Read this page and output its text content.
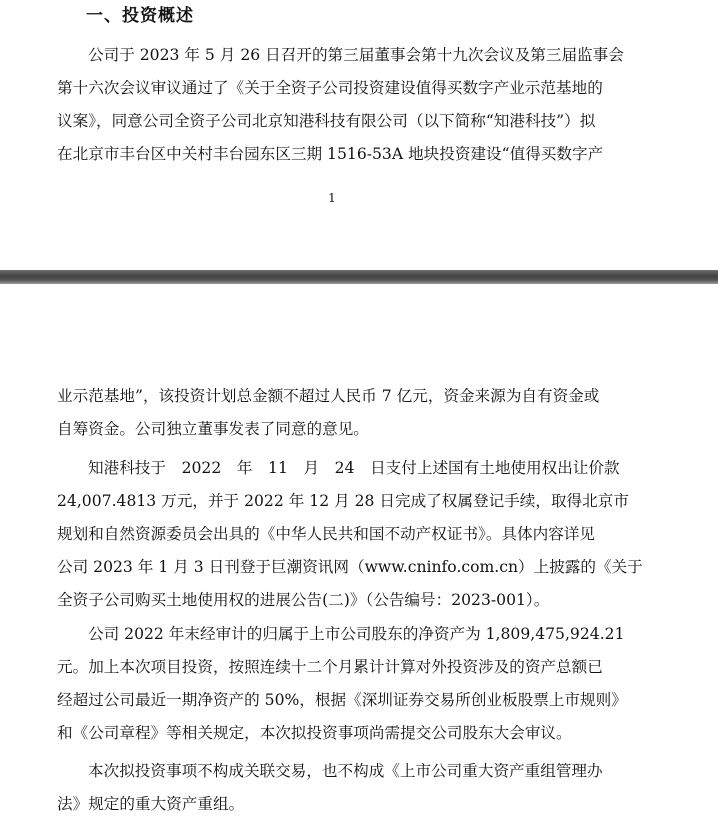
一、投资概述
公司于 2023 年 5 月 26 日召开的第三届董事会第十九次会议及第三届监事会
第十六次会议审议通过了《关于全资子公司投资建设值得买数字产业示范基地的
议案》，同意公司全资子公司北京知港科技有限公司（以下简称“知港科技”）拟
在北京市丰台区中关村丰台园东区三期 1516-53A 地块投资建设“值得买数字产

1

业示范基地”，该投资计划总金额不超过人民币 7 亿元，资金来源为自有资金或
自筹资金。公司独立董事发表了同意的意见。
知港科技于　2022　年　11　月　24　日支付上述国有土地使用权出让价款
24,007.4813 万元，并于 2022 年 12 月 28 日完成了权属登记手续，取得北京市
规划和自然资源委员会出具的《中华人民共和国不动产权证书》。具体内容详见
公司 2023 年 1 月 3 日刊登于巨潮资讯网（www.cninfo.com.cn）上披露的《关于
全资子公司购买土地使用权的进展公告(二)》（公告编号：2023-001）。
公司 2022 年末经审计的归属于上市公司股东的净资产为 1,809,475,924.21
元。加上本次项目投资，按照连续十二个月累计计算对外投资涉及的资产总额已
经超过公司最近一期净资产的 50%，根据《深圳证券交易所创业板股票上市规则》
和《公司章程》等相关规定，本次拟投资事项尚需提交公司股东大会审议。
本次拟投资事项不构成关联交易，也不构成《上市公司重大资产重组管理办
法》规定的重大资产重组。
